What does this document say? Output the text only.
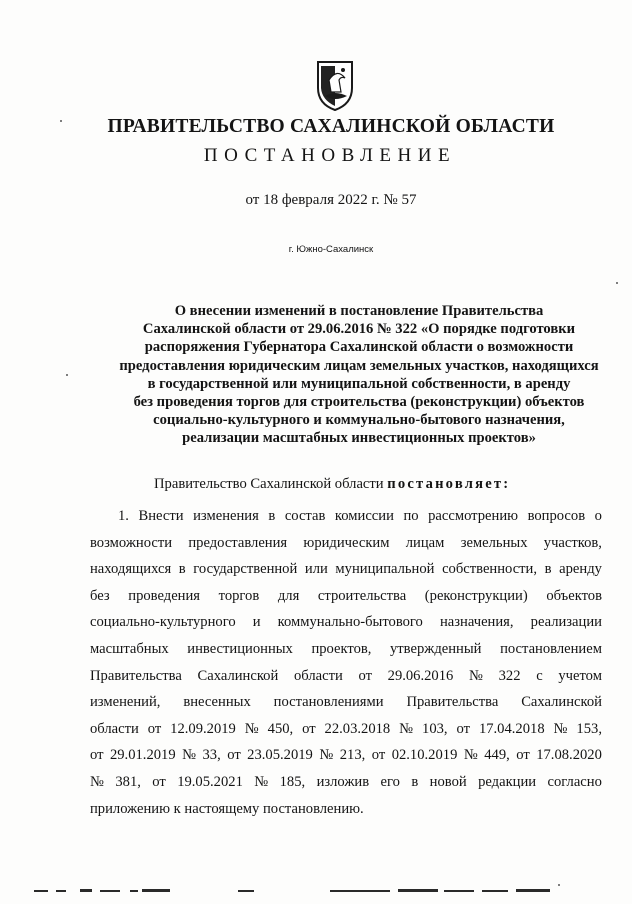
ПРАВИТЕЛЬСТВО САХАЛИНСКОЙ ОБЛАСТИ
ПОСТАНОВЛЕНИЕ
от 18 февраля 2022 г. № 57
г. Южно-Сахалинск
О внесении изменений в постановление Правительства
Сахалинской области от 29.06.2016 № 322 «О порядке подготовки
распоряжения Губернатора Сахалинской области о возможности
предоставления юридическим лицам земельных участков, находящихся
в государственной или муниципальной собственности, в аренду
без проведения торгов для строительства (реконструкции) объектов
социально-культурного и коммунально-бытового назначения,
реализации масштабных инвестиционных проектов»
Правительство Сахалинской области постановляет:
1. Внести изменения в состав комиссии по рассмотрению вопросов о
возможности предоставления юридическим лицам земельных участков,
находящихся в государственной или муниципальной собственности, в аренду
без проведения торгов для строительства (реконструкции) объектов
социально-культурного и коммунально-бытового назначения, реализации
масштабных инвестиционных проектов, утвержденный постановлением
Правительства Сахалинской области от 29.06.2016 № 322 с учетом
изменений, внесенных постановлениями Правительства Сахалинской
области от 12.09.2019 № 450, от 22.03.2018 № 103, от 17.04.2018 № 153,
от 29.01.2019 № 33, от 23.05.2019 № 213, от 02.10.2019 № 449, от 17.08.2020
№ 381, от 19.05.2021 № 185, изложив его в новой редакции согласно
приложению к настоящему постановлению.
